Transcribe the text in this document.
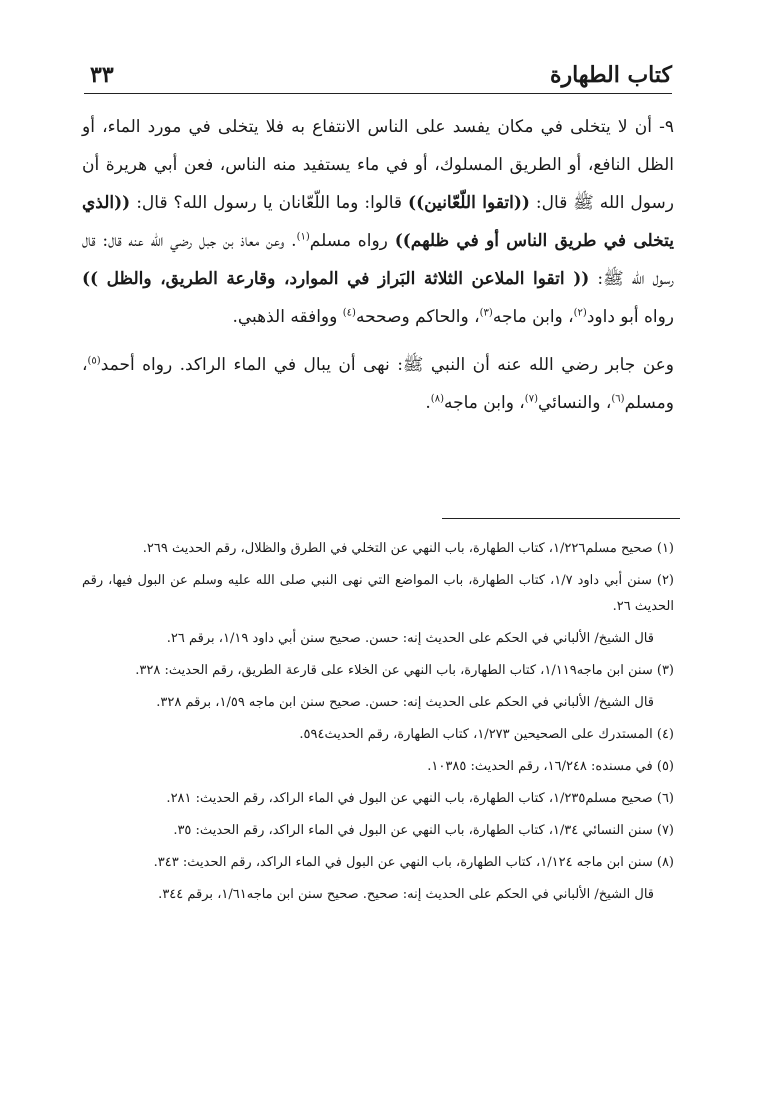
كتاب الطهارة
٣٣

٩- أن لا يتخلى في مكان يفسد على الناس الانتفاع به فلا يتخلى في مورد الماء، أو الظل النافع، أو الطريق المسلوك، أو في ماء يستفيد منه الناس، فعن أبي هريرة أن رسول الله ﷺ قال: ((اتقوا اللّعّانين)) قالوا: وما اللّعّانان يا رسول الله؟ قال: ((الذي يتخلى في طريق الناس أو في ظلهم)) رواه مسلم$^{(١)}$. وعن معاذ بن جبل رضي الله عنه قال: قال رسول الله ﷺ: (( اتقوا الملاعن الثلاثة البَراز في الموارد، وقارعة الطريق، والظل )) رواه أبو داود$^{(٢)}$، وابن ماجه$^{(٣)}$، والحاكم وصححه$^{(٤)}$ ووافقه الذهبي.

وعن جابر رضي الله عنه أن النبي ﷺ: نهى أن يبال في الماء الراكد. رواه أحمد$^{(٥)}$، ومسلم$^{(٦)}$، والنسائي$^{(٧)}$، وابن ماجه$^{(٨)}$.

(١) صحيح مسلم١/٢٢٦، كتاب الطهارة، باب النهي عن التخلي في الطرق والظلال، رقم الحديث ٢٦٩.

(٢) سنن أبي داود ١/٧، كتاب الطهارة، باب المواضع التي نهى النبي صلى الله عليه وسلم عن البول فيها، رقم الحديث ٢٦.

قال الشيخ/ الألباني في الحكم على الحديث إنه: حسن. صحيح سنن أبي داود ١/١٩، برقم ٢٦.

(٣) سنن ابن ماجه١/١١٩، كتاب الطهارة، باب النهي عن الخلاء على قارعة الطريق، رقم الحديث: ٣٢٨.

قال الشيخ/ الألباني في الحكم على الحديث إنه: حسن. صحيح سنن ابن ماجه ١/٥٩، برقم ٣٢٨.

(٤) المستدرك على الصحيحين ١/٢٧٣، كتاب الطهارة، رقم الحديث٥٩٤.

(٥) في مسنده: ١٦/٢٤٨، رقم الحديث: ١٠٣٨٥.

(٦) صحيح مسلم١/٢٣٥، كتاب الطهارة، باب النهي عن البول في الماء الراكد، رقم الحديث: ٢٨١.

(٧) سنن النسائي ١/٣٤، كتاب الطهارة، باب النهي عن البول في الماء الراكد، رقم الحديث: ٣٥.

(٨) سنن ابن ماجه ١/١٢٤، كتاب الطهارة، باب النهي عن البول في الماء الراكد، رقم الحديث: ٣٤٣.

قال الشيخ/ الألباني في الحكم على الحديث إنه: صحيح. صحيح سنن ابن ماجه١/٦١، برقم ٣٤٤.
